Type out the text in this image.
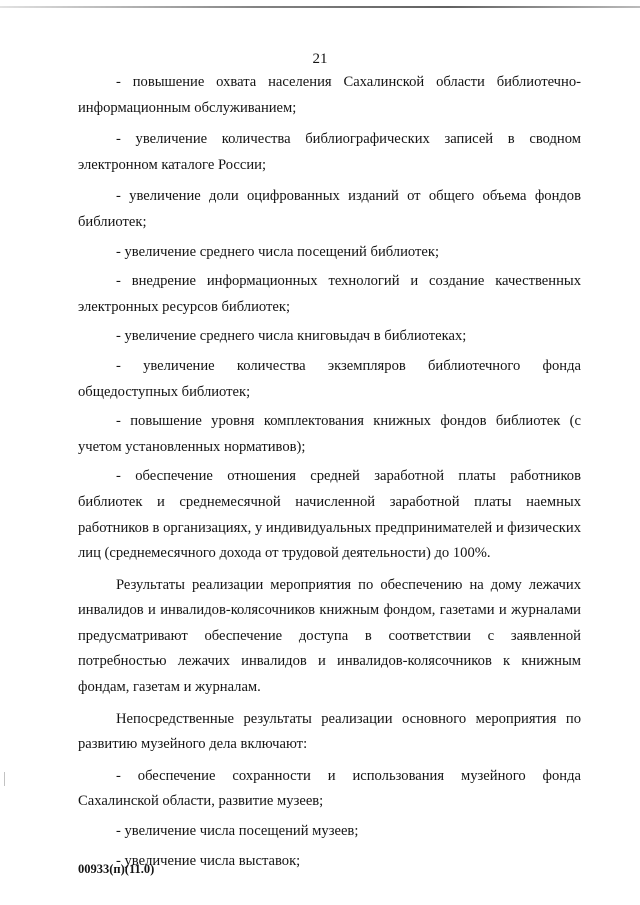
21

- повышение охвата населения Сахалинской области библиотечно-информационным обслуживанием;

- увеличение количества библиографических записей в сводном электронном каталоге России;

- увеличение доли оцифрованных изданий от общего объема фондов библиотек;

- увеличение среднего числа посещений библиотек;

- внедрение информационных технологий и создание качественных электронных ресурсов библиотек;

- увеличение среднего числа книговыдач в библиотеках;

- увеличение количества экземпляров библиотечного фонда общедоступных библиотек;

- повышение уровня комплектования книжных фондов библиотек (с учетом установленных нормативов);

- обеспечение отношения средней заработной платы работников библиотек и среднемесячной начисленной заработной платы наемных работников в организациях, у индивидуальных предпринимателей и физических лиц (среднемесячного дохода от трудовой деятельности) до 100%.

Результаты реализации мероприятия по обеспечению на дому лежачих инвалидов и инвалидов-колясочников книжным фондом, газетами и журналами предусматривают обеспечение доступа в соответствии с заявленной потребностью лежачих инвалидов и инвалидов-колясочников к книжным фондам, газетам и журналам.

Непосредственные результаты реализации основного мероприятия по развитию музейного дела включают:

- обеспечение сохранности и использования музейного фонда Сахалинской области, развитие музеев;

- увеличение числа посещений музеев;

- увеличение числа выставок;

00933(п)(11.0)
